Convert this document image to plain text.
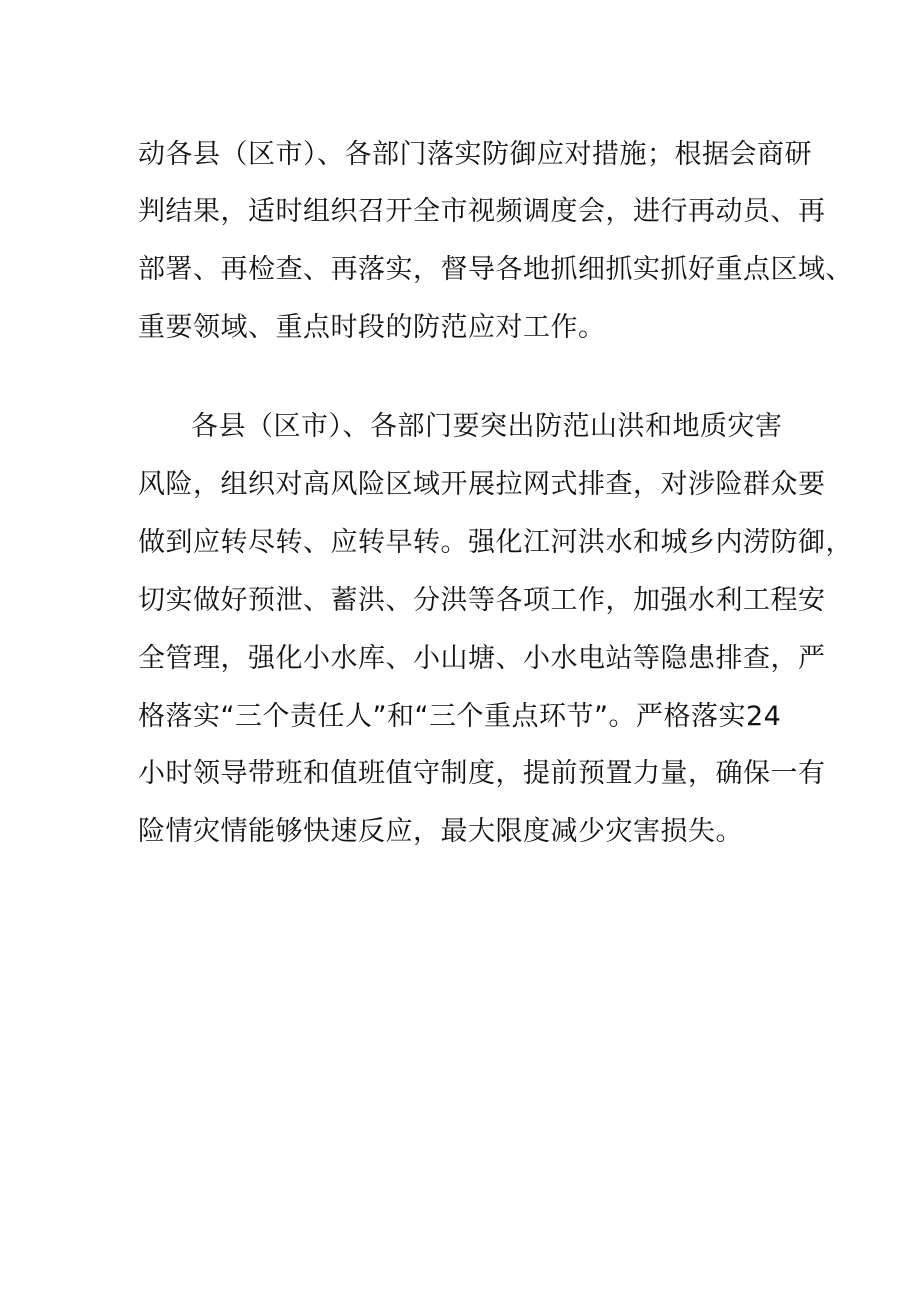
动各县（区市）、各部门落实防御应对措施；根据会商研
判结果，适时组织召开全市视频调度会，进行再动员、再
部署、再检查、再落实，督导各地抓细抓实抓好重点区域、
重要领域、重点时段的防范应对工作。
各县（区市）、各部门要突出防范山洪和地质灾害
风险，组织对高风险区域开展拉网式排查，对涉险群众要
做到应转尽转、应转早转。强化江河洪水和城乡内涝防御，
切实做好预泄、蓄洪、分洪等各项工作，加强水利工程安
全管理，强化小水库、小山塘、小水电站等隐患排查，严
格落实“三个责任人”和“三个重点环节”。严格落实24
小时领导带班和值班值守制度，提前预置力量，确保一有
险情灾情能够快速反应，最大限度减少灾害损失。
